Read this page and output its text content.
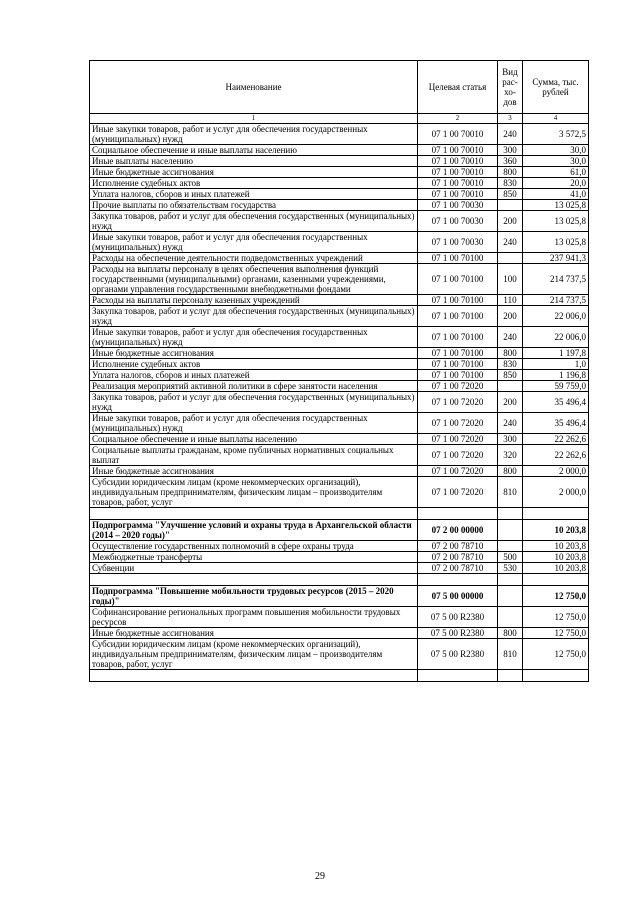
Наименование	Целевая статья	Вид рас- хо- дов	Сумма, тыс. рублей
1	2	3	4
Иные закупки товаров, работ и услуг для обеспечения государственных (муниципальных) нужд	07 1 00 70010	240	3 572,5
Социальное обеспечение и иные выплаты населению	07 1 00 70010	300	30,0
Иные выплаты населению	07 1 00 70010	360	30,0
Иные бюджетные ассигнования	07 1 00 70010	800	61,0
Исполнение судебных актов	07 1 00 70010	830	20,0
Уплата налогов, сборов и иных платежей	07 1 00 70010	850	41,0
Прочие выплаты по обязательствам государства	07 1 00 70030		13 025,8
Закупка товаров, работ и услуг для обеспечения государственных (муниципальных) нужд	07 1 00 70030	200	13 025,8
Иные закупки товаров, работ и услуг для обеспечения государственных (муниципальных) нужд	07 1 00 70030	240	13 025,8
Расходы на обеспечение деятельности подведомственных учреждений	07 1 00 70100		237 941,3
Расходы на выплаты персоналу в целях обеспечения выполнения функций государственными (муниципальными) органами, казенными учреждениями, органами управления государственными внебюджетными фондами	07 1 00 70100	100	214 737,5
Расходы на выплаты персоналу казенных учреждений	07 1 00 70100	110	214 737,5
Закупка товаров, работ и услуг для обеспечения государственных (муниципальных) нужд	07 1 00 70100	200	22 006,0
Иные закупки товаров, работ и услуг для обеспечения государственных (муниципальных) нужд	07 1 00 70100	240	22 006,0
Иные бюджетные ассигнования	07 1 00 70100	800	1 197,8
Исполнение судебных актов	07 1 00 70100	830	1,0
Уплата налогов, сборов и иных платежей	07 1 00 70100	850	1 196,8
Реализация мероприятий активной политики в сфере занятости населения	07 1 00 72020		59 759,0
Закупка товаров, работ и услуг для обеспечения государственных (муниципальных) нужд	07 1 00 72020	200	35 496,4
Иные закупки товаров, работ и услуг для обеспечения государственных (муниципальных) нужд	07 1 00 72020	240	35 496,4
Социальное обеспечение и иные выплаты населению	07 1 00 72020	300	22 262,6
Социальные выплаты гражданам, кроме публичных нормативных социальных выплат	07 1 00 72020	320	22 262,6
Иные бюджетные ассигнования	07 1 00 72020	800	2 000,0
Субсидии юридическим лицам (кроме некоммерческих организаций), индивидуальным предпринимателям, физическим лицам – производителям товаров, работ, услуг	07 1 00 72020	810	2 000,0

Подпрограмма "Улучшение условий и охраны труда в Архангельской области (2014 – 2020 годы)"	07 2 00 00000		10 203,8
Осуществление государственных полномочий в сфере охраны труда	07 2 00 78710		10 203,8
Межбюджетные трансферты	07 2 00 78710	500	10 203,8
Субвенции	07 2 00 78710	530	10 203,8

Подпрограмма "Повышение мобильности трудовых ресурсов (2015 – 2020 годы)"	07 5 00 00000		12 750,0
Софинансирование региональных программ повышения мобильности трудовых ресурсов	07 5 00 R2380		12 750,0
Иные бюджетные ассигнования	07 5 00 R2380	800	12 750,0
Субсидии юридическим лицам (кроме некоммерческих организаций), индивидуальным предпринимателям, физическим лицам – производителям товаров, работ, услуг	07 5 00 R2380	810	12 750,0

29
